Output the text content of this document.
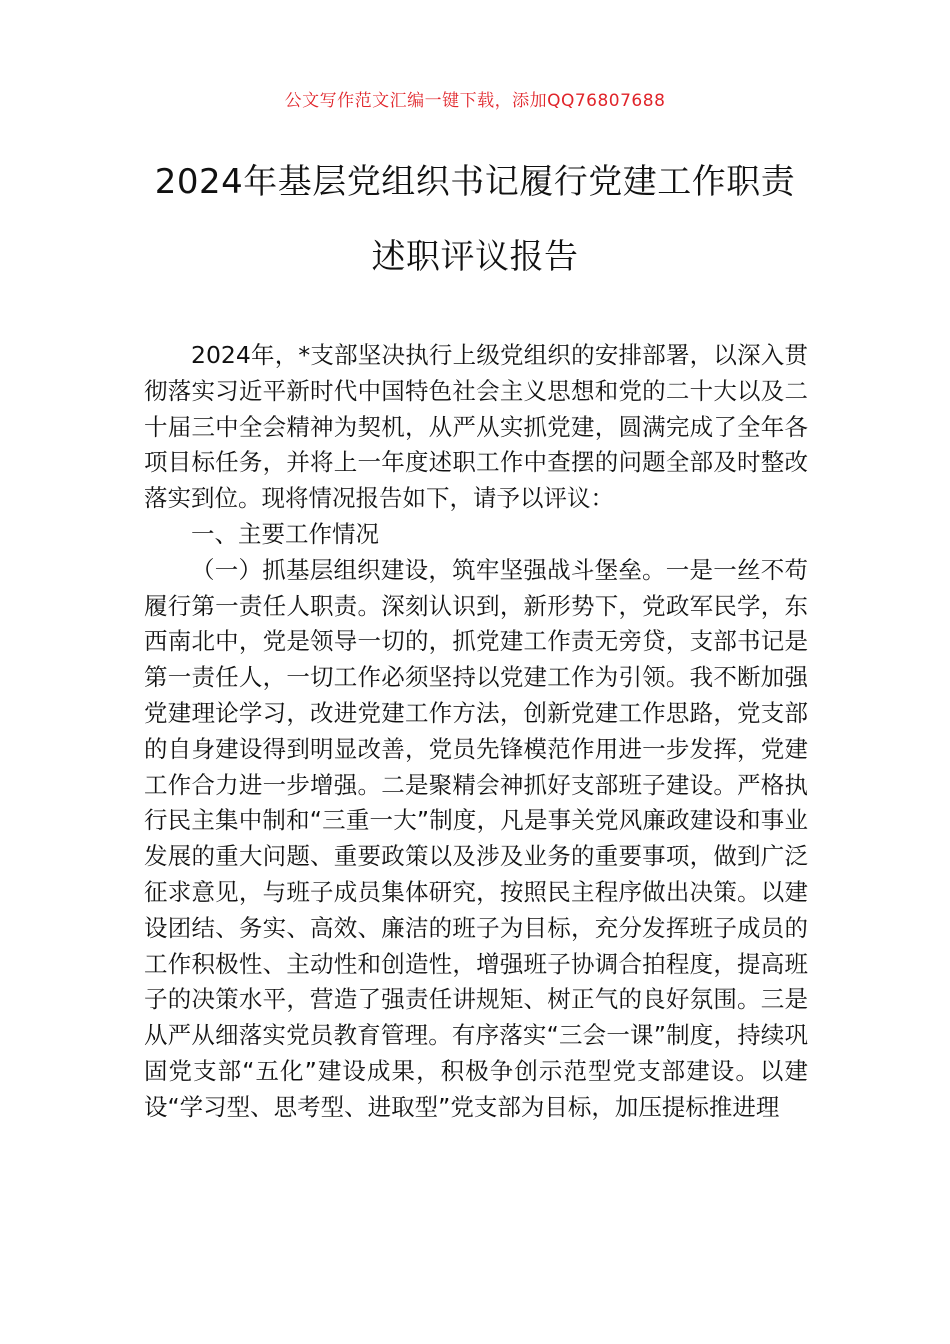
公文写作范文汇编一键下载，添加QQ76807688
2024年基层党组织书记履行党建工作职责
述职评议报告

2024年，*支部坚决执行上级党组织的安排部署，以深入贯彻落实习近平新时代中国特色社会主义思想和党的二十大以及二十届三中全会精神为契机，从严从实抓党建，圆满完成了全年各项目标任务，并将上一年度述职工作中查摆的问题全部及时整改落实到位。现将情况报告如下，请予以评议：

一、主要工作情况

（一）抓基层组织建设，筑牢坚强战斗堡垒。一是一丝不苟履行第一责任人职责。深刻认识到，新形势下，党政军民学，东西南北中，党是领导一切的，抓党建工作责无旁贷，支部书记是第一责任人，一切工作必须坚持以党建工作为引领。我不断加强党建理论学习，改进党建工作方法，创新党建工作思路，党支部的自身建设得到明显改善，党员先锋模范作用进一步发挥，党建工作合力进一步增强。二是聚精会神抓好支部班子建设。严格执行民主集中制和“三重一大”制度，凡是事关党风廉政建设和事业发展的重大问题、重要政策以及涉及业务的重要事项，做到广泛征求意见，与班子成员集体研究，按照民主程序做出决策。以建设团结、务实、高效、廉洁的班子为目标，充分发挥班子成员的工作积极性、主动性和创造性，增强班子协调合拍程度，提高班子的决策水平，营造了强责任讲规矩、树正气的良好氛围。三是从严从细落实党员教育管理。有序落实“三会一课”制度，持续巩固党支部“五化”建设成果，积极争创示范型党支部建设。以建设“学习型、思考型、进取型”党支部为目标，加压提标推进理
